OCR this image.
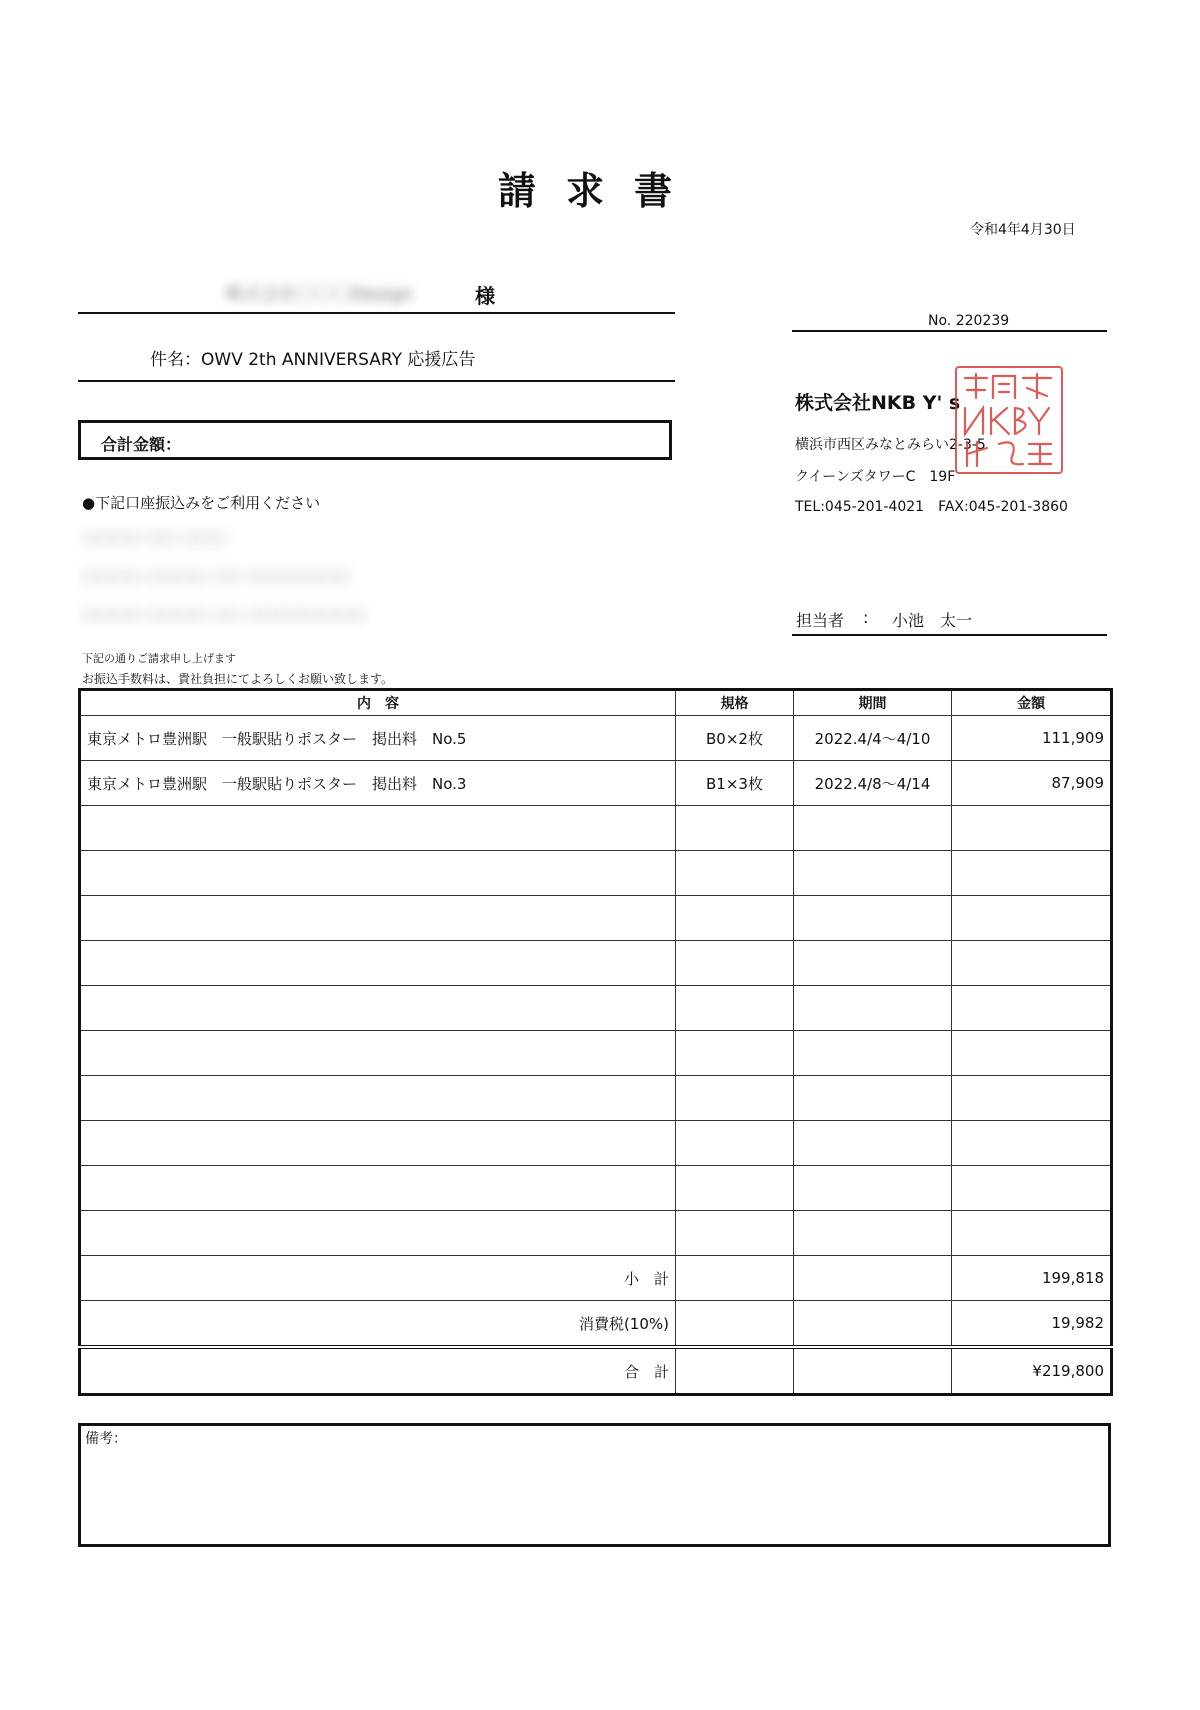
請求書
令和4年4月30日
株式会社〇〇〇Design	様
件名：OWV 2th ANNIVERSARY 応援広告
合計金額：
●下記口座振込みをご利用ください
〇〇〇〇 〇〇 〇〇〇
〇〇〇〇 〇〇〇〇 〇〇 〇〇〇〇〇〇〇
〇〇〇〇 〇〇〇〇 〇〇 〇〇〇〇〇〇〇〇
No. 220239
株式会社NKB Y' s
横浜市西区みなとみらい2-3-5
クイーンズタワーC　19F
TEL:045-201-4021　FAX:045-201-3860
担当者 : 小池　太一
下記の通りご請求申し上げます
お振込手数料は、貴社負担にてよろしくお願い致します。
内　容	規格	期間	金額
東京メトロ豊洲駅　一般駅貼りポスター　掲出料　No.5	B0×2枚	2022.4/4～4/10	111,909
東京メトロ豊洲駅　一般駅貼りポスター　掲出料　No.3	B1×3枚	2022.4/8～4/14	87,909

小　計			199,818
消費税(10%)			19,982
合　計			¥219,800
備考：
